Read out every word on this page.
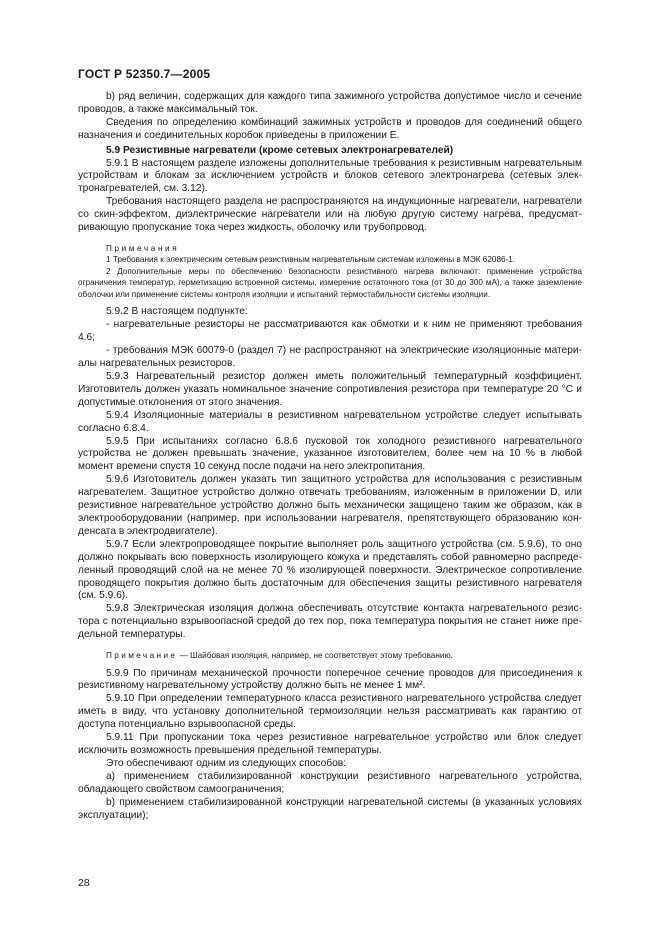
ГОСТ Р 52350.7—2005

b) ряд величин, содержащих для каждого типа зажимного устройства допустимое число и сечение проводов, а также максимальный ток.

Сведения по определению комбинаций зажимных устройств и проводов для соединений общего назначения и соединительных коробок приведены в приложении Е.

5.9 Резистивные нагреватели (кроме сетевых электронагревателей)

5.9.1 В настоящем разделе изложены дополнительные требования к резистивным нагревательным устройствам и блокам за исключением устройств и блоков сетевого электронагрева (сетевых электронагревателей, см. 3.12).

Требования настоящего раздела не распространяются на индукционные нагреватели, нагреватели со скин-эффектом, диэлектрические нагреватели или на любую другую систему нагрева, предусматривающую пропускание тока через жидкость, оболочку или трубопровод.

Примечания

1 Требования к электрическим сетевым резистивным нагревательным системам изложены в МЭК 62086-1.

2 Дополнительные меры по обеспечению безопасности резистивного нагрева включают: применение устройства ограничения температур, герметизацию встроенной системы, измерение остаточного тока (от 30 до 300 мА), а также заземление оболочки или применение системы контроля изоляции и испытаний термостабильности системы изоляции.

5.9.2 В настоящем подпункте:

- нагревательные резисторы не рассматриваются как обмотки и к ним не применяют требования 4.6;

- требования МЭК 60079-0 (раздел 7) не распространяют на электрические изоляционные материалы нагревательных резисторов.

5.9.3 Нагревательный резистор должен иметь положительный температурный коэффициент. Изготовитель должен указать номинальное значение сопротивления резистора при температуре 20 °С и допустимые отклонения от этого значения.

5.9.4 Изоляционные материалы в резистивном нагревательном устройстве следует испытывать согласно 6.8.4.

5.9.5 При испытаниях согласно 6.8.6 пусковой ток холодного резистивного нагревательного устройства не должен превышать значение, указанное изготовителем, более чем на 10 % в любой момент времени спустя 10 секунд после подачи на него электропитания.

5.9.6 Изготовитель должен указать тип защитного устройства для использования с резистивным нагревателем. Защитное устройство должно отвечать требованиям, изложенным в приложении D, или резистивное нагревательное устройство должно быть механически защищено таким же образом, как в электрооборудовании (например, при использовании нагревателя, препятствующего образованию конденсата в электродвигателе).

5.9.7 Если электропроводящее покрытие выполняет роль защитного устройства (см. 5.9.6), то оно должно покрывать всю поверхность изолирующего кожуха и представлять собой равномерно распределенный проводящий слой на не менее 70 % изолирующей поверхности. Электрическое сопротивление проводящего покрытия должно быть достаточным для обеспечения защиты резистивного нагревателя (см. 5.9.6).

5.9.8 Электрическая изоляция должна обеспечивать отсутствие контакта нагревательного резистора с потенциально взрывоопасной средой до тех пор, пока температура покрытия не станет ниже предельной температуры.

Примечание — Шайбовая изоляция, например, не соответствует этому требованию.

5.9.9 По причинам механической прочности поперечное сечение проводов для присоединения к резистивному нагревательному устройству должно быть не менее 1 мм².

5.9.10 При определении температурного класса резистивного нагревательного устройства следует иметь в виду, что установку дополнительной термоизоляции нельзя рассматривать как гарантию от доступа потенциально взрывоопасной среды.

5.9.11 При пропускании тока через резистивное нагревательное устройство или блок следует исключить возможность превышения предельной температуры.

Это обеспечивают одним из следующих способов:

а) применением стабилизированной конструкции резистивного нагревательного устройства, обладающего свойством самоограничения;

b) применением стабилизированной конструкции нагревательной системы (в указанных условиях эксплуатации);

28
